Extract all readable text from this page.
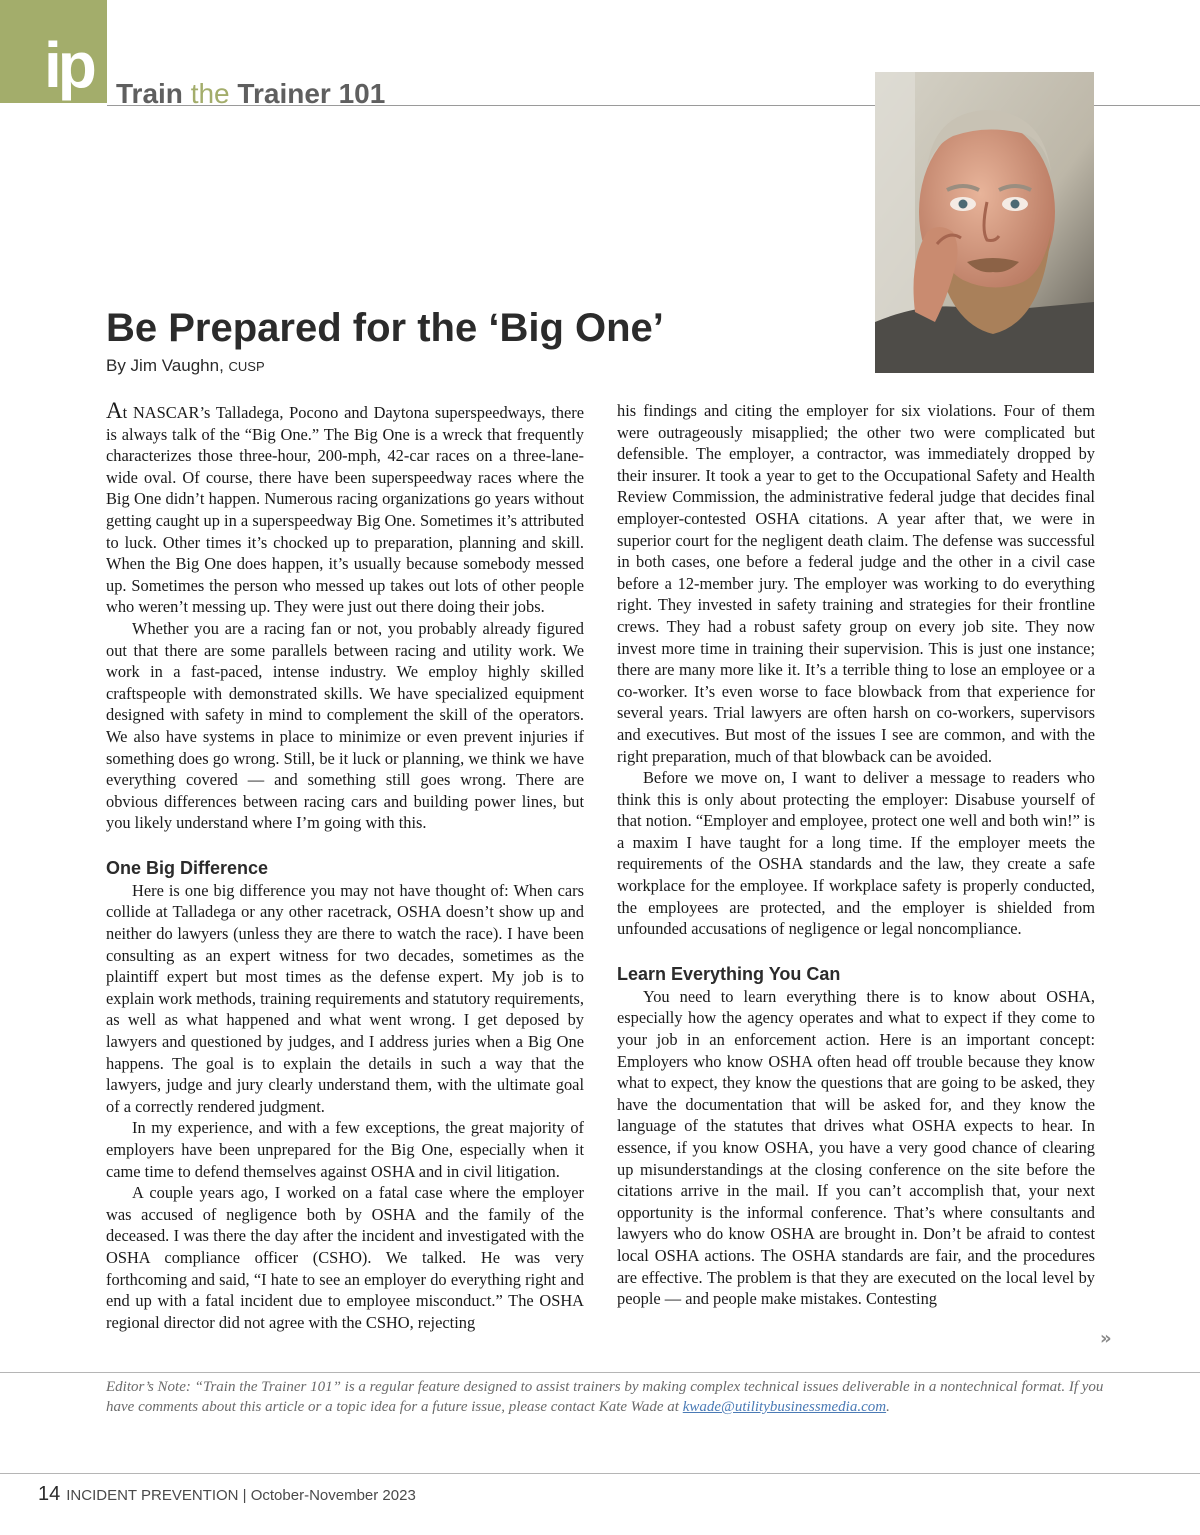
ip Train the Trainer 101
Be Prepared for the ‘Big One’
By Jim Vaughn, CUSP

At NASCAR’s Talladega, Pocono and Daytona superspeedways, there is always talk of the “Big One.” The Big One is a wreck that frequently characterizes those three-hour, 200-mph, 42-car races on a three-lane-wide oval. Of course, there have been superspeedway races where the Big One didn’t happen. Numerous racing organizations go years without getting caught up in a superspeedway Big One. Sometimes it’s attributed to luck. Other times it’s chocked up to preparation, planning and skill. When the Big One does happen, it’s usually because somebody messed up. Sometimes the person who messed up takes out lots of other people who weren’t messing up. They were just out there doing their jobs.

Whether you are a racing fan or not, you probably already figured out that there are some parallels between racing and utility work. We work in a fast-paced, intense industry. We employ highly skilled craftspeople with demonstrated skills. We have specialized equipment designed with safety in mind to complement the skill of the operators. We also have systems in place to minimize or even prevent injuries if something does go wrong. Still, be it luck or planning, we think we have everything covered — and something still goes wrong. There are obvious differences between racing cars and building power lines, but you likely understand where I’m going with this.

One Big Difference

Here is one big difference you may not have thought of: When cars collide at Talladega or any other racetrack, OSHA doesn’t show up and neither do lawyers (unless they are there to watch the race). I have been consulting as an expert witness for two decades, sometimes as the plaintiff expert but most times as the defense expert. My job is to explain work methods, training requirements and statutory requirements, as well as what happened and what went wrong. I get deposed by lawyers and questioned by judges, and I address juries when a Big One happens. The goal is to explain the details in such a way that the lawyers, judge and jury clearly understand them, with the ultimate goal of a correctly rendered judgment.

In my experience, and with a few exceptions, the great majority of employers have been unprepared for the Big One, especially when it came time to defend themselves against OSHA and in civil litigation.

A couple years ago, I worked on a fatal case where the employer was accused of negligence both by OSHA and the family of the deceased. I was there the day after the incident and investigated with the OSHA compliance officer (CSHO). We talked. He was very forthcoming and said, “I hate to see an employer do everything right and end up with a fatal incident due to employee misconduct.” The OSHA regional director did not agree with the CSHO, rejecting

his findings and citing the employer for six violations. Four of them were outrageously misapplied; the other two were complicated but defensible. The employer, a contractor, was immediately dropped by their insurer. It took a year to get to the Occupational Safety and Health Review Commission, the administrative federal judge that decides final employer-contested OSHA citations. A year after that, we were in superior court for the negligent death claim. The defense was successful in both cases, one before a federal judge and the other in a civil case before a 12-member jury. The employer was working to do everything right. They invested in safety training and strategies for their frontline crews. They had a robust safety group on every job site. They now invest more time in training their supervision. This is just one instance; there are many more like it. It’s a terrible thing to lose an employee or a co-worker. It’s even worse to face blowback from that experience for several years. Trial lawyers are often harsh on co-workers, supervisors and executives. But most of the issues I see are common, and with the right preparation, much of that blowback can be avoided.

Before we move on, I want to deliver a message to readers who think this is only about protecting the employer: Disabuse yourself of that notion. “Employer and employee, protect one well and both win!” is a maxim I have taught for a long time. If the employer meets the requirements of the OSHA standards and the law, they create a safe workplace for the employee. If workplace safety is properly conducted, the employees are protected, and the employer is shielded from unfounded accusations of negligence or legal noncompliance.

Learn Everything You Can

You need to learn everything there is to know about OSHA, especially how the agency operates and what to expect if they come to your job in an enforcement action. Here is an important concept: Employers who know OSHA often head off trouble because they know what to expect, they know the questions that are going to be asked, they have the documentation that will be asked for, and they know the language of the statutes that drives what OSHA expects to hear. In essence, if you know OSHA, you have a very good chance of clearing up misunderstandings at the closing conference on the site before the citations arrive in the mail. If you can’t accomplish that, your next opportunity is the informal conference. That’s where consultants and lawyers who do know OSHA are brought in. Don’t be afraid to contest local OSHA actions. The OSHA standards are fair, and the procedures are effective. The problem is that they are executed on the local level by people — and people make mistakes. Contesting

»
Editor’s Note: “Train the Trainer 101” is a regular feature designed to assist trainers by making complex technical issues deliverable in a nontechnical format. If you have comments about this article or a topic idea for a future issue, please contact Kate Wade at kwade@utilitybusinessmedia.com.
14 INCIDENT PREVENTION | October-November 2023
